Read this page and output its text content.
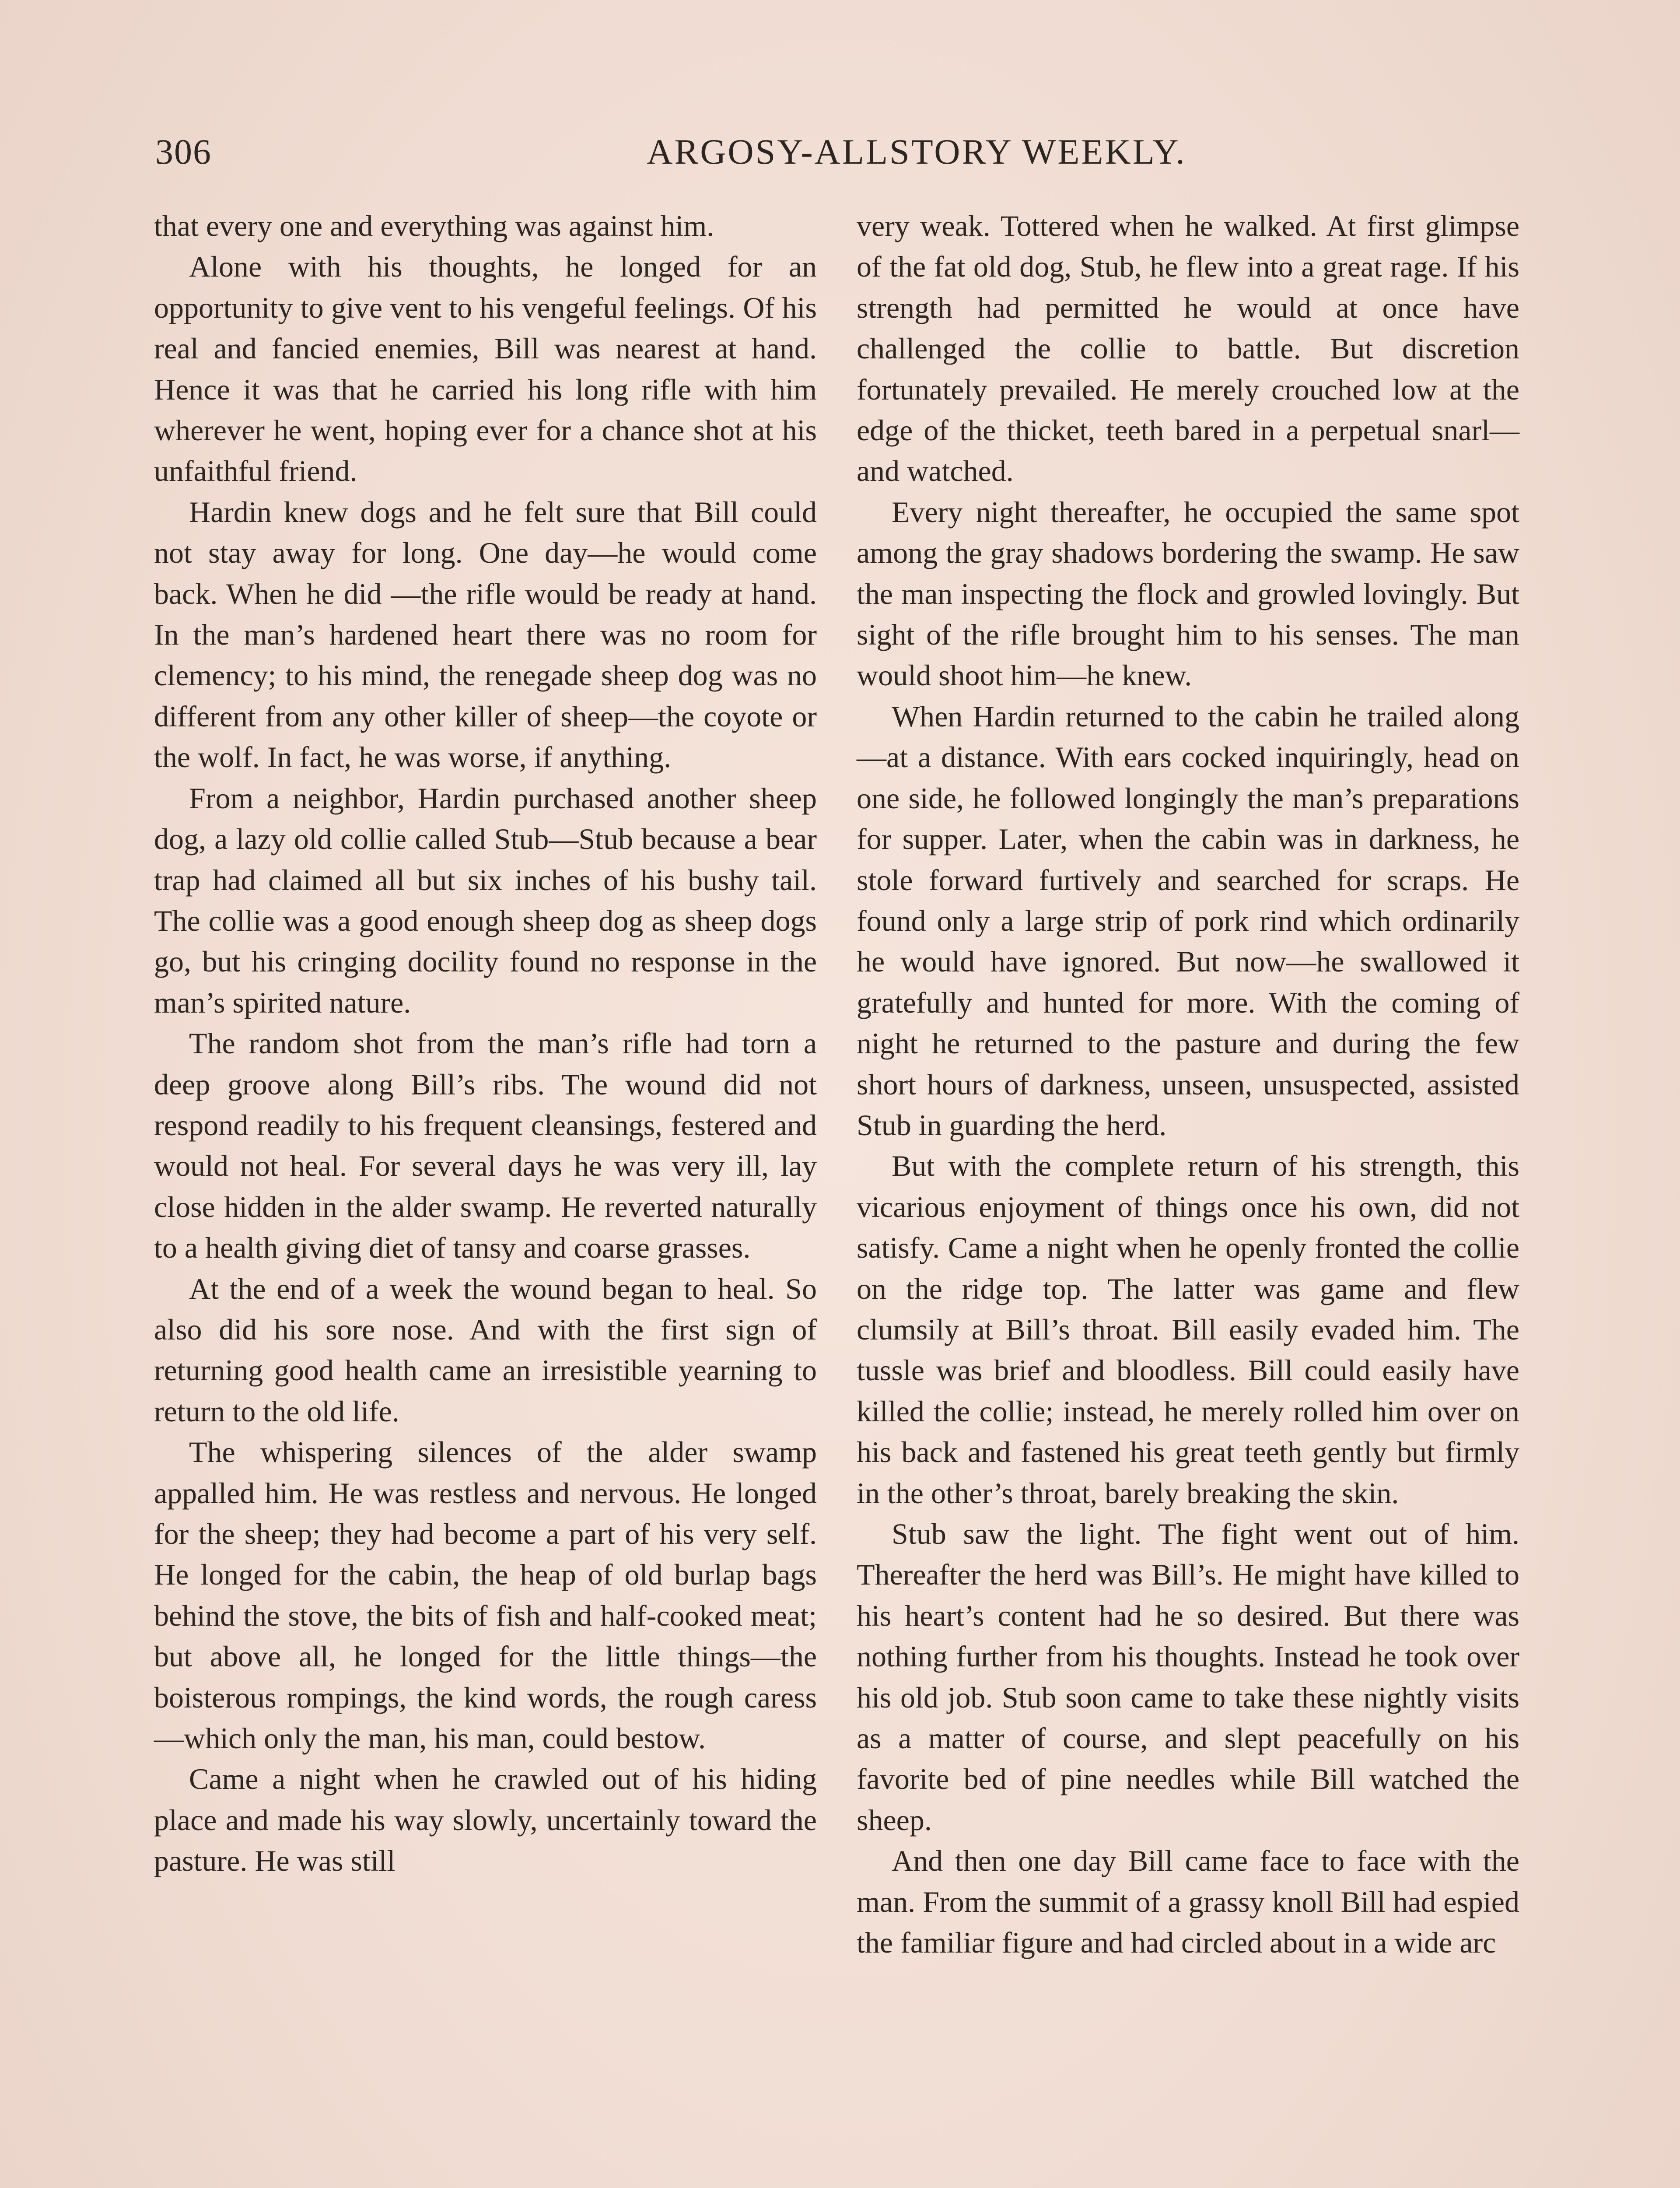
306	ARGOSY-ALLSTORY WEEKLY.

that every one and everything was against him.

Alone with his thoughts, he longed for an opportunity to give vent to his vengeful feelings. Of his real and fancied enemies, Bill was nearest at hand. Hence it was that he carried his long rifle with him wherever he went, hoping ever for a chance shot at his unfaithful friend.

Hardin knew dogs and he felt sure that Bill could not stay away for long. One day—he would come back. When he did —the rifle would be ready at hand. In the man’s hardened heart there was no room for clemency; to his mind, the renegade sheep dog was no different from any other killer of sheep—the coyote or the wolf. In fact, he was worse, if anything.

From a neighbor, Hardin purchased another sheep dog, a lazy old collie called Stub—Stub because a bear trap had claimed all but six inches of his bushy tail. The collie was a good enough sheep dog as sheep dogs go, but his cringing docility found no response in the man’s spirited nature.

The random shot from the man’s rifle had torn a deep groove along Bill’s ribs. The wound did not respond readily to his frequent cleansings, festered and would not heal. For several days he was very ill, lay close hidden in the alder swamp. He reverted naturally to a health giving diet of tansy and coarse grasses.

At the end of a week the wound began to heal. So also did his sore nose. And with the first sign of returning good health came an irresistible yearning to return to the old life.

The whispering silences of the alder swamp appalled him. He was restless and nervous. He longed for the sheep; they had become a part of his very self. He longed for the cabin, the heap of old burlap bags behind the stove, the bits of fish and half-cooked meat; but above all, he longed for the little things—the boisterous rompings, the kind words, the rough caress —which only the man, his man, could bestow.

Came a night when he crawled out of his hiding place and made his way slowly, uncertainly toward the pasture. He was still

very weak. Tottered when he walked. At first glimpse of the fat old dog, Stub, he flew into a great rage. If his strength had permitted he would at once have challenged the collie to battle. But discretion fortunately prevailed. He merely crouched low at the edge of the thicket, teeth bared in a perpetual snarl—and watched.

Every night thereafter, he occupied the same spot among the gray shadows bordering the swamp. He saw the man inspecting the flock and growled lovingly. But sight of the rifle brought him to his senses. The man would shoot him—he knew.

When Hardin returned to the cabin he trailed along—at a distance. With ears cocked inquiringly, head on one side, he followed longingly the man’s preparations for supper. Later, when the cabin was in darkness, he stole forward furtively and searched for scraps. He found only a large strip of pork rind which ordinarily he would have ignored. But now—he swallowed it gratefully and hunted for more. With the coming of night he returned to the pasture and during the few short hours of darkness, unseen, unsuspected, assisted Stub in guarding the herd.

But with the complete return of his strength, this vicarious enjoyment of things once his own, did not satisfy. Came a night when he openly fronted the collie on the ridge top. The latter was game and flew clumsily at Bill’s throat. Bill easily evaded him. The tussle was brief and bloodless. Bill could easily have killed the collie; instead, he merely rolled him over on his back and fastened his great teeth gently but firmly in the other’s throat, barely breaking the skin.

Stub saw the light. The fight went out of him. Thereafter the herd was Bill’s. He might have killed to his heart’s content had he so desired. But there was nothing further from his thoughts. Instead he took over his old job. Stub soon came to take these nightly visits as a matter of course, and slept peacefully on his favorite bed of pine needles while Bill watched the sheep.

And then one day Bill came face to face with the man. From the summit of a grassy knoll Bill had espied the familiar figure and had circled about in a wide arc
